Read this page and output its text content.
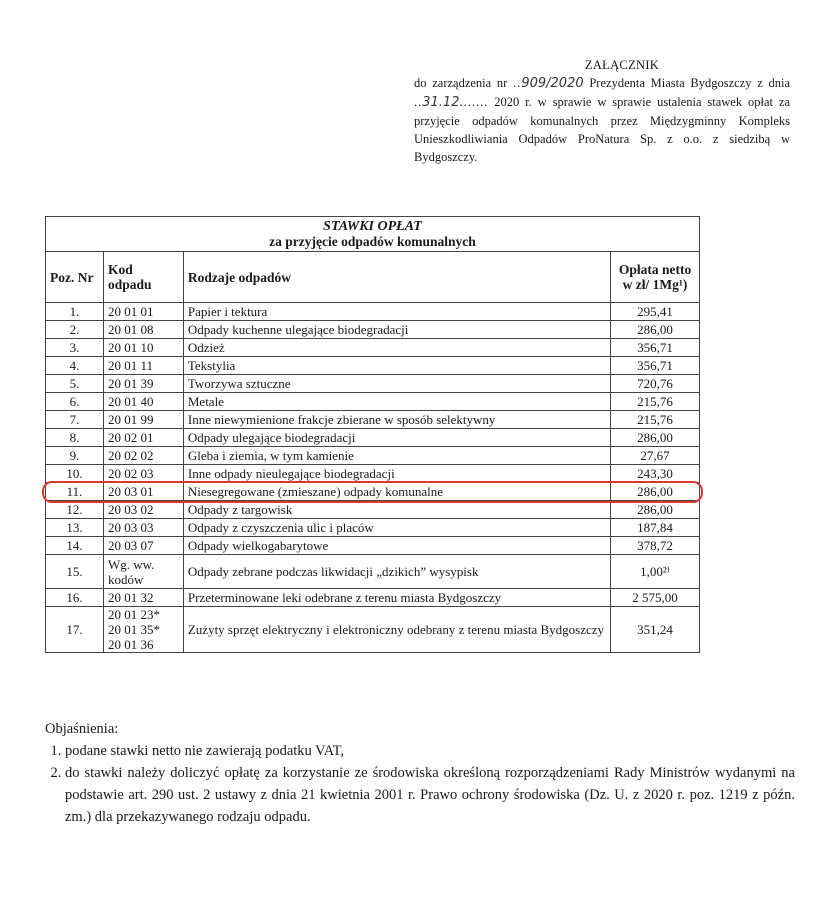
ZAŁĄCZNIK
do zarządzenia nr ..909/2020 Prezydenta Miasta Bydgoszczy z dnia ..31.12....... 2020 r. w sprawie w sprawie ustalenia stawek opłat za przyjęcie odpadów komunalnych przez Międzygminny Kompleks Unieszkodliwiania Odpadów ProNatura Sp. z o.o. z siedzibą w Bydgoszczy.
STAWKI OPŁAT
za przyjęcie odpadów komunalnych			

Poz. Nr	Kod odpadu	Rodzaje odpadów	Opłata netto w zł/ 1Mg¹)
1.	20 01 01	Papier i tektura	295,41
2.	20 01 08	Odpady kuchenne ulegające biodegradacji	286,00
3.	20 01 10	Odzież	356,71
4.	20 01 11	Tekstylia	356,71
5.	20 01 39	Tworzywa sztuczne	720,76
6.	20 01 40	Metale	215,76
7.	20 01 99	Inne niewymienione frakcje zbierane w sposób selektywny	215,76
8.	20 02 01	Odpady ulegające biodegradacji	286,00
9.	20 02 02	Gleba i ziemia, w tym kamienie	27,67
10.	20 02 03	Inne odpady nieulegające biodegradacji	243,30
11.	20 03 01	Niesegregowane (zmieszane) odpady komunalne	286,00
12.	20 03 02	Odpady z targowisk	286,00
13.	20 03 03	Odpady z czyszczenia ulic i placów	187,84
14.	20 03 07	Odpady wielkogabarytowe	378,72
15.	Wg. ww. kodów	Odpady zebrane podczas likwidacji „dzikich” wysypisk	1,00²⁾
16.	20 01 32	Przeterminowane leki odebrane z terenu miasta Bydgoszczy	2 575,00
17.	20 01 23*
20 01 35*
20 01 36	Zużyty sprzęt elektryczny i elektroniczny odebrany z terenu miasta Bydgoszczy	351,24
Objaśnienia:
1. podane stawki netto nie zawierają podatku VAT,
2. do stawki należy doliczyć opłatę za korzystanie ze środowiska określoną rozporządzeniami Rady Ministrów wydanymi na podstawie art. 290 ust. 2 ustawy z dnia 21 kwietnia 2001 r. Prawo ochrony środowiska (Dz. U. z 2020 r. poz. 1219 z późn. zm.) dla przekazywanego rodzaju odpadu.
